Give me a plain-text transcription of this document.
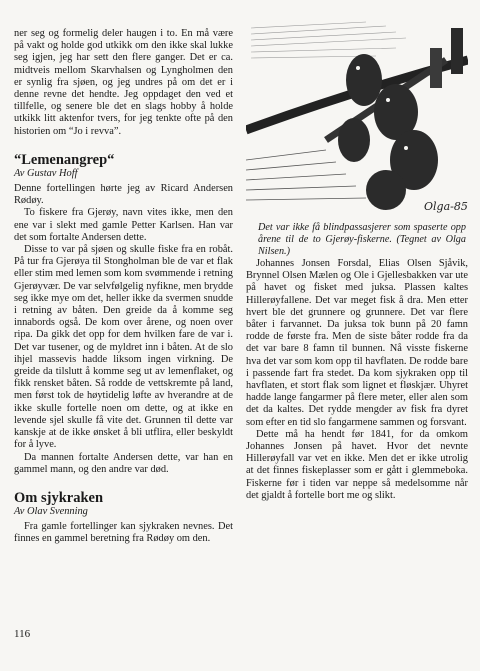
ner seg og formelig deler haugen i to. En må være på vakt og holde god utkikk om den ikke skal lukke seg igjen, jeg har sett den flere ganger. Det er ca. midtveis mellom Skarvhalsen og Lyngholmen den er synlig fra sjøen, og jeg undres på om det er i denne revne det hendte. Jeg oppdaget den ved et tillfelle, og senere ble det en slags hobby å holde utkikk litt aktenfor tvers, for jeg tenkte ofte på den historien om “Jo i revva”.

“Lemenangrep“

Av Gustav Hoff

Denne fortellingen hørte jeg av Ricard Andersen Rødøy.

To fiskere fra Gjerøy, navn vites ikke, men den ene var i slekt med gamle Petter Karlsen. Han var det som fortalte Andersen dette.

Disse to var på sjøen og skulle fiske fra en robåt. På tur fra Gjerøya til Stongholman ble de var et flak eller stim med lemen som kom svømmende i retning Gjerøyvær. De var selvfølgelig nyfikne, men brydde seg ikke mye om det, heller ikke da svermen snudde i retning av båten. Den greide da å komme seg innabords også. De kom over årene, og noen over ripa. Da gikk det opp for dem hvilken fare de var i. Det var tusener, og de myldret inn i båten. At de slo ihjel massevis hadde liksom ingen virkning. De greide da tilslutt å komme seg ut av lemenflaket, og fikk rensket båten. Så rodde de vettskremte på land, men først tok de høytidelig løfte av hverandre at de ikke skulle fortelle noen om dette, og at ikke en levende sjel skulle få vite det. Grunnen til dette var kanskje at de ikke ønsket å bli utflira, eller beskyldt for å lyve.

Da mannen fortalte Andersen dette, var han en gammel mann, og den andre var død.

Om sjykraken

Av Olav Svenning

Fra gamle fortellinger kan sjykraken nevnes. Det finnes en gammel beretning fra Rødøy om den.

Olga-85

Det var ikke få blindpassasjerer som spaserte opp årene til de to Gjerøy-fiskerne. (Tegnet av Olga Nilsen.)

Johannes Jonsen Forsdal, Elias Olsen Sjåvik, Brynnel Olsen Mælen og Ole i Gjellesbakken var ute på havet og fisket med juksa. Plassen kaltes Hillerøyfallene. Det var meget fisk å dra. Men etter hvert ble det grunnere og grunnere. Det var flere båter i farvannet. Da juksa tok bunn på 20 famn rodde de første fra. Men de siste båter rodde fra da det var bare 8 famn til bunnen. Nå visste fiskerne hva det var som kom opp til havflaten. De rodde bare i passende fart fra stedet. Da kom sjykraken opp til havflaten, et stort flak som lignet et fløskjær. Uhyret hadde lange fangarmer på flere meter, eller alen som det da kaltes. Det rydde mengder av fisk fra dyret som efter en tid slo fangarmene sammen og forsvant.

Dette må ha hendt før 1841, for da omkom Johannes Jonsen på havet. Hvor det nevnte Hillerøyfall var vet en ikke. Men det er ikke utrolig at det finnes fiskeplasser som er gått i glemmeboka. Fiskerne før i tiden var neppe så medelsomme når det gjaldt å fortelle bort me og slikt.

116
